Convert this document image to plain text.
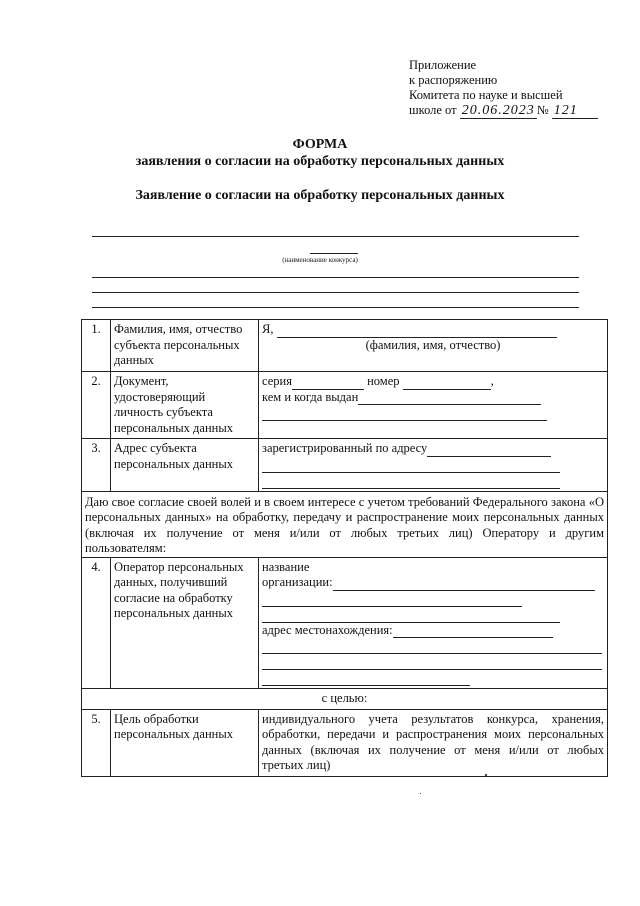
Приложение
к распоряжению
Комитета по науке и высшей
школе от 20.06.2023 № 121
ФОРМА
заявления о согласии на обработку персональных данных
Заявление о согласии на обработку персональных данных
(наименование конкурса)
1.	Фамилия, имя, отчество субъекта персональных данных	Я,
(фамилия, имя, отчество)

2.	Документ, удостоверяющий личность субъекта персональных данных	серия номер ,
кем и когда выдан

3.	Адрес субъекта персональных данных	зарегистрированный по адресу

Даю свое согласие своей волей и в своем интересе с учетом требований Федерального закона «О персональных данных» на обработку, передачу и распространение моих персональных данных (включая их получение от меня и/или от любых третьих лиц) Оператору и другим пользователям:		
4.	Оператор персональных данных, получивший согласие на обработку персональных данных	название
организации:
адрес местонахождения:

с целью:		
5.	Цель обработки персональных данных	индивидуального учета результатов конкурса, хранения, обработки, передачи и распространения моих персональных данных (включая их получение от меня и/или от любых третьих лиц)
